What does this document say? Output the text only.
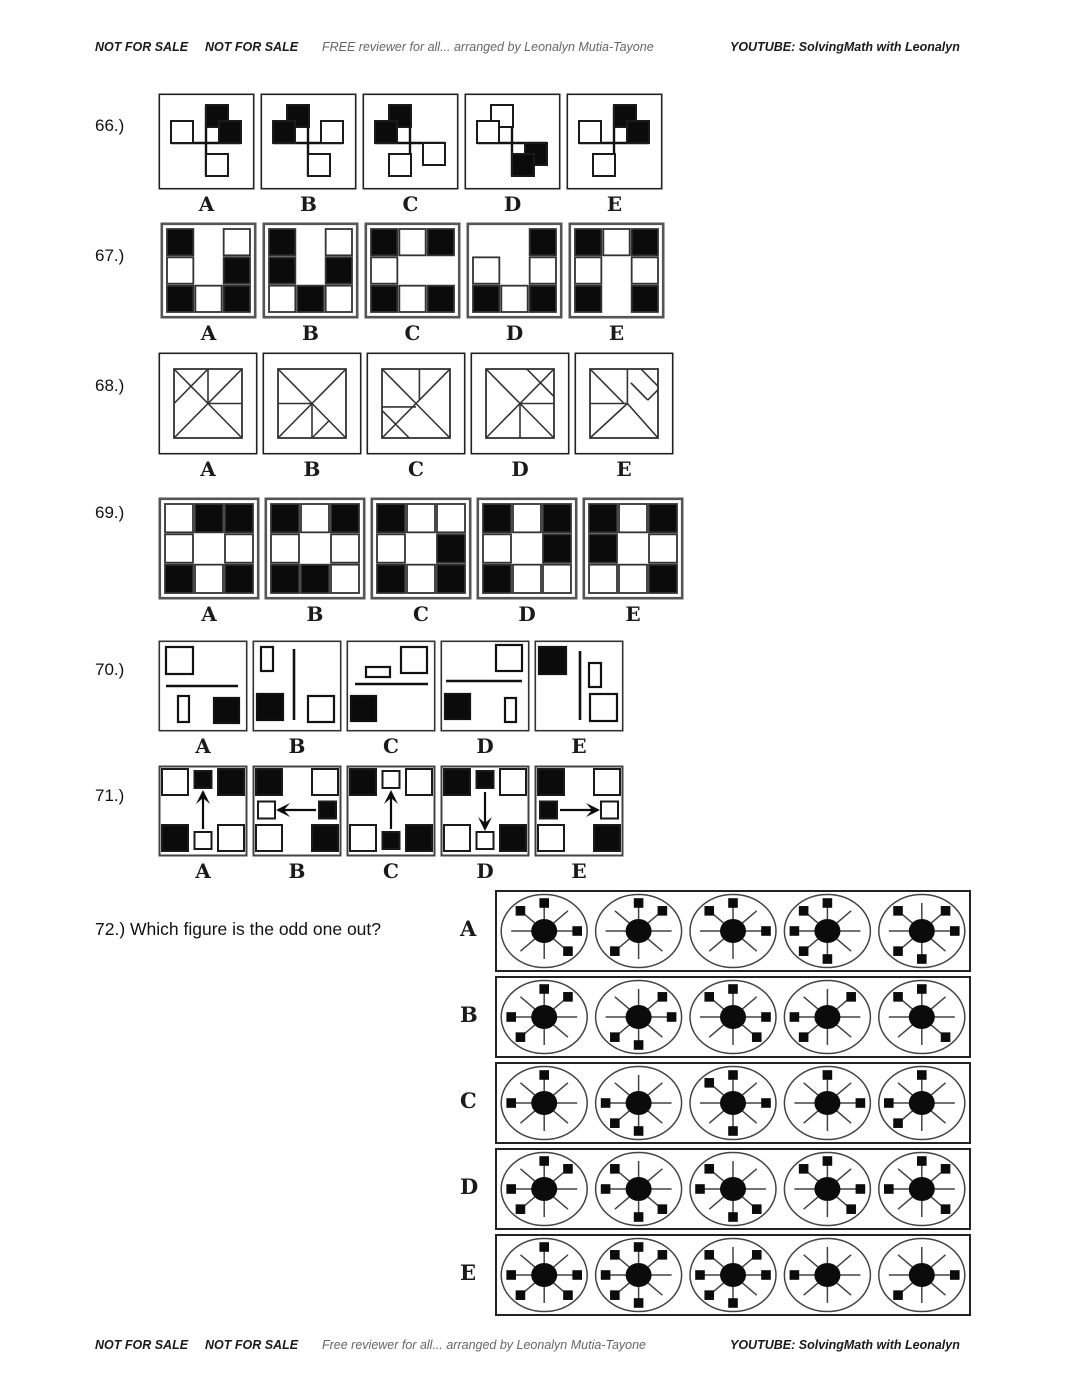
NOT FOR SALE NOT FOR SALE FREE reviewer for all... arranged by Leonalyn Mutia-Tayone	YOUTUBE: SolvingMath with Leonalyn
66.)
A	B	C	D	E
67.)
A	B	C	D	E
68.)
A	B	C	D	E
69.)
A	B	C	D	E
70.)
A	B	C	D	E
71.)
A	B	C	D	E
72.) Which figure is the odd one out?	A
B
C
D
E
NOT FOR SALE NOT FOR SALE Free reviewer for all... arranged by Leonalyn Mutia-Tayone	YOUTUBE: SolvingMath with Leonalyn
